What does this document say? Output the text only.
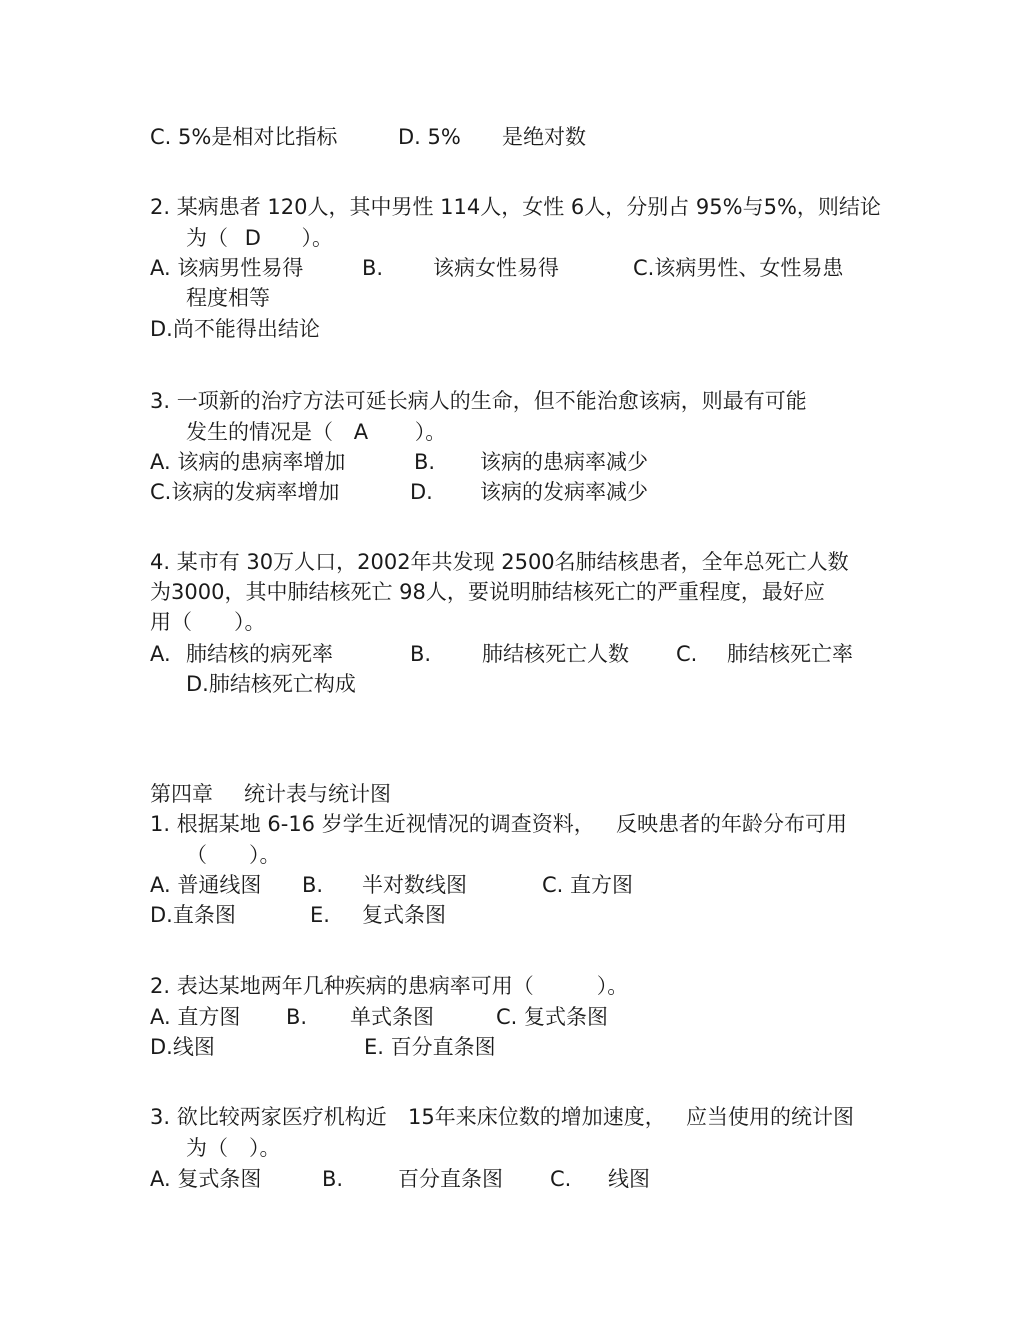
C. 5%是相对比指标	D. 5% 是绝对数
2. 某病患者 120人，其中男性 114人，女性 6人，分别占 95%与5%，则结论
为（ D ）。
A. 该病男性易得	B. 该病女性易得	C.该病男性、女性易患
程度相等
D.尚不能得出结论
3. 一项新的治疗方法可延长病人的生命，但不能治愈该病，则最有可能
发生的情况是（ A ）。
A. 该病的患病率增加	B. 该病的患病率减少
C.该病的发病率增加	D. 该病的发病率减少
4. 某市有 30万人口，2002年共发现 2500名肺结核患者，全年总死亡人数
为3000，其中肺结核死亡 98人，要说明肺结核死亡的严重程度，最好应
用（　　）。
A. 肺结核的病死率	B. 肺结核死亡人数 C. 肺结核死亡率
D.肺结核死亡构成
第四章 统计表与统计图
1. 根据某地 6-16 岁学生近视情况的调查资料， 反映患者的年龄分布可用
（　　）。
A. 普通线图 B. 半对数线图	C. 直方图
D.直条图	E. 复式条图
2. 表达某地两年几种疾病的患病率可用（　　　）。
A. 直方图 B. 单式条图	C. 复式条图
D.线图	E. 百分直条图
3. 欲比较两家医疗机构近 15年来床位数的增加速度， 应当使用的统计图
为（　）。
A. 复式条图	B.	百分直条图 C. 线图
